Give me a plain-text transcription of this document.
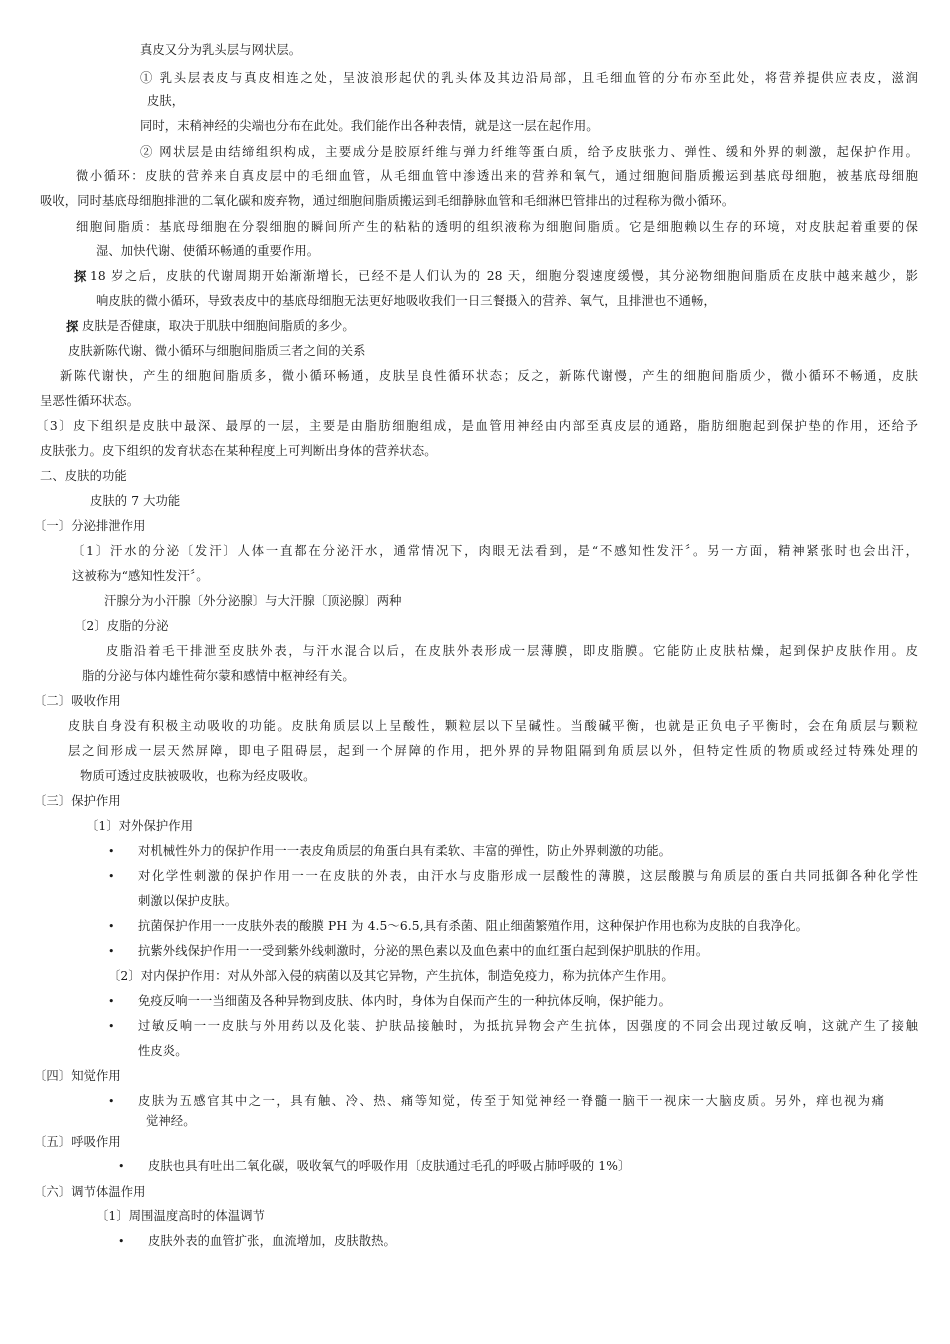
真皮又分为乳头层与网状层。
① 乳头层表皮与真皮相连之处，呈波浪形起伏的乳头体及其边沿局部，且毛细血管的分布亦至此处，将营养提供应表皮，滋润
皮肤，
同时，末稍神经的尖端也分布在此处。我们能作出各种表情，就是这一层在起作用。
② 网状层是由结缔组织构成，主要成分是胶原纤维与弹力纤维等蛋白质，给予皮肤张力、弹性、缓和外界的刺激，起保护作用。
微小循环：皮肤的营养来自真皮层中的毛细血管，从毛细血管中渗透出来的营养和氧气，通过细胞间脂质搬运到基底母细胞，被基底母细胞
吸收，同时基底母细胞排泄的二氧化碳和废弃物，通过细胞间脂质搬运到毛细静脉血管和毛细淋巴管排出的过程称为微小循环。
细胞间脂质：基底母细胞在分裂细胞的瞬间所产生的粘粘的透明的组织液称为细胞间脂质。它是细胞赖以生存的环境，对皮肤起着重要的保
湿、加快代谢、使循环畅通的重要作用。
18 岁之后，皮肤的代谢周期开始渐渐增长，已经不是人们认为的 28 天，细胞分裂速度缓慢，其分泌物细胞间脂质在皮肤中越来越少，影
响皮肤的微小循环，导致表皮中的基底母细胞无法更好地吸收我们一日三餐摄入的营养、氧气，且排泄也不通畅，
皮肤是否健康，取决于肌肤中细胞间脂质的多少。
皮肤新陈代谢、微小循环与细胞间脂质三者之间的关系
新陈代谢快，产生的细胞间脂质多，微小循环畅通，皮肤呈良性循环状态；反之，新陈代谢慢，产生的细胞间脂质少，微小循环不畅通，皮肤
呈恶性循环状态。
〔3〕皮下组织是皮肤中最深、最厚的一层，主要是由脂肪细胞组成，是血管用神经由内部至真皮层的通路，脂肪细胞起到保护垫的作用，还给予
皮肤张力。皮下组织的发育状态在某种程度上可判断出身体的营养状态。
二、皮肤的功能
皮肤的 7 大功能
〔一〕分泌排泄作用
〔1〕汗水的分泌〔发汗〕人体一直都在分泌汗水，通常情况下，肉眼无法看到，是“不感知性发汗〞。另一方面，精神紧张时也会出汗，
这被称为“感知性发汗〞。
汗腺分为小汗腺〔外分泌腺〕与大汗腺〔顶泌腺〕两种
〔2〕皮脂的分泌
皮脂沿着毛干排泄至皮肤外表，与汗水混合以后，在皮肤外表形成一层薄膜，即皮脂膜。它能防止皮肤枯燥，起到保护皮肤作用。皮
脂的分泌与体内雄性荷尔蒙和感情中枢神经有关。
〔二〕吸收作用
皮肤自身没有积极主动吸收的功能。皮肤角质层以上呈酸性，颗粒层以下呈碱性。当酸碱平衡，也就是正负电子平衡时，会在角质层与颗粒
层之间形成一层天然屏障，即电子阻碍层，起到一个屏障的作用，把外界的异物阻隔到角质层以外，但特定性质的物质或经过特殊处理的
物质可透过皮肤被吸收，也称为经皮吸收。
〔三〕保护作用
〔1〕对外保护作用
对机械性外力的保护作用一一表皮角质层的角蛋白具有柔软、丰富的弹性，防止外界刺激的功能。
对化学性刺激的保护作用一一在皮肤的外表，由汗水与皮脂形成一层酸性的薄膜，这层酸膜与角质层的蛋白共同抵御各种化学性
刺激以保护皮肤。
抗菌保护作用一一皮肤外表的酸膜 PH 为 4.5～6.5,具有杀菌、阻止细菌繁殖作用，这种保护作用也称为皮肤的自我净化。
抗紫外线保护作用一一受到紫外线刺激时，分泌的黑色素以及血色素中的血红蛋白起到保护肌肤的作用。
〔2〕对内保护作用：对从外部入侵的病菌以及其它异物，产生抗体，制造免疫力，称为抗体产生作用。
免疫反响一一当细菌及各种异物到皮肤、体内时，身体为自保而产生的一种抗体反响，保护能力。
过敏反响一一皮肤与外用药以及化装、护肤品接触时，为抵抗异物会产生抗体，因强度的不同会出现过敏反响，这就产生了接触
性皮炎。
〔四〕知觉作用
皮肤为五感官其中之一，具有触、冷、热、痛等知觉，传至于知觉神经一脊髓一脑干一视床一大脑皮质。另外，痒也视为痛
觉神经。
〔五〕呼吸作用
皮肤也具有吐出二氧化碳，吸收氧气的呼吸作用〔皮肤通过毛孔的呼吸占肺呼吸的 1%〕
〔六〕调节体温作用
〔1〕周围温度高时的体温调节
皮肤外表的血管扩张，血流增加，皮肤散热。
探
探
•
•
•
•
•
•
•
•
•
